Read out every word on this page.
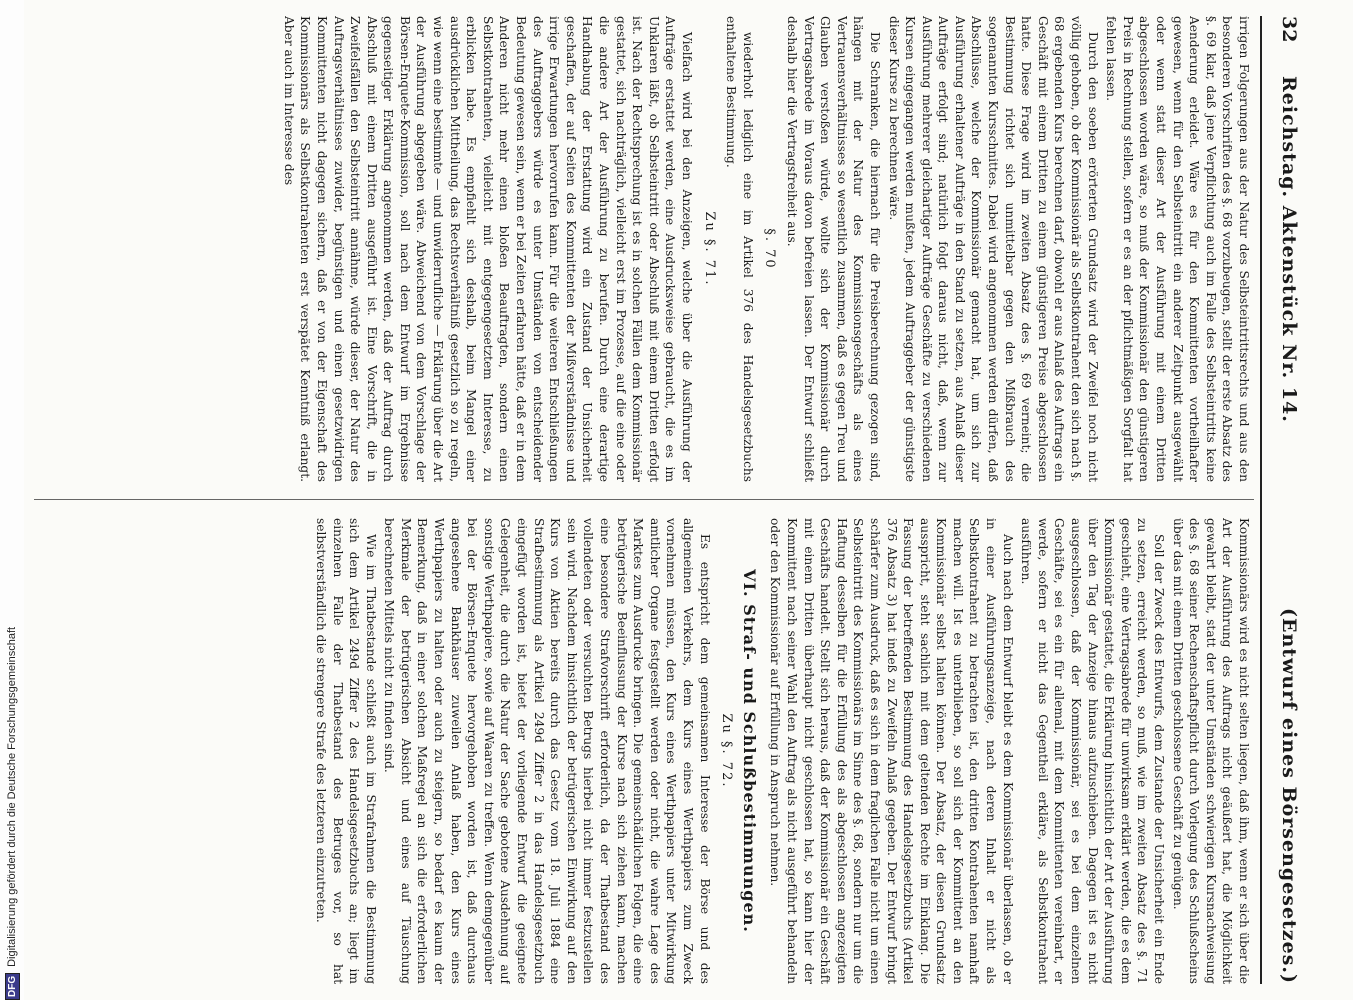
DFGDigitalisierung gefördert durch die Deutsche Forschungsgemeinschaft
32
Reichstag. Aktenstück Nr. 14.
(Entwurf eines Börsengesetzes.)

irrigen Folgerungen aus der Natur des Selbsteintrittsrechts und aus den besonderen Vorschriften des §. 68 vorzubeugen, stellt der erste Absatz des §. 69 klar, daß jene Verpflichtung auch im Falle des Selbsteintritts keine Aenderung erleidet. Wäre es für den Kommittenten vortheilhafter gewesen, wenn für den Selbsteintritt ein anderer Zeitpunkt ausgewählt oder wenn statt dieser Art der Ausführung mit einem Dritten abgeschlossen worden wäre, so muß der Kommissionär den günstigeren Preis in Rechnung stellen, sofern er es an der pflichtmäßigen Sorgfalt hat fehlen lassen.

Durch den soeben erörterten Grundsatz wird der Zweifel noch nicht völlig gehoben, ob der Kommissionär als Selbstkontrahent den sich nach §. 68 ergebenden Kurs berechnen darf, obwohl er aus Anlaß des Auftrags ein Geschäft mit einem Dritten zu einem günstigeren Preise abgeschlossen hatte. Diese Frage wird im zweiten Absatz des §. 69 verneint; die Bestimmung richtet sich unmittelbar gegen den Mißbrauch des sogenannten Kursschnittes. Dabei wird angenommen werden dürfen, daß Abschlüsse, welche der Kommissionär gemacht hat, um sich zur Ausführung erhaltener Aufträge in den Stand zu setzen, aus Anlaß dieser Aufträge erfolgt sind; natürlich folgt daraus nicht, daß, wenn zur Ausführung mehrerer gleichartiger Aufträge Geschäfte zu verschiedenen Kursen eingegangen werden mußten, jedem Auftraggeber der günstigste dieser Kurse zu berechnen wäre.

Die Schranken, die hiernach für die Preisberechnung gezogen sind, hängen mit der Natur des Kommissionsgeschäfts als eines Vertrauensverhältnisses so wesentlich zusammen, daß es gegen Treu und Glauben verstoßen würde, wollte sich der Kommissionär durch Vertragsabrede im Voraus davon befreien lassen. Der Entwurf schließt deshalb hier die Vertragsfreiheit aus.

§. 70

wiederholt lediglich eine im Artikel 376 des Handelsgesetzbuchs enthaltene Bestimmung.

Zu §. 71.

Vielfach wird bei den Anzeigen, welche über die Ausführung der Aufträge erstattet werden, eine Ausdrucksweise gebraucht, die es im Unklaren läßt, ob Selbsteintritt oder Abschluß mit einem Dritten erfolgt ist. Nach der Rechtsprechung ist es in solchen Fällen dem Kommissionär gestattet, sich nachträglich, vielleicht erst im Prozesse, auf die eine oder die andere Art der Ausführung zu berufen. Durch eine derartige Handhabung der Erstattung wird ein Zustand der Unsicherheit geschaffen, der auf Seiten des Kommittenten der Mißverständnisse und irrige Erwartungen hervorrufen kann. Für die weiteren Entschließungen des Auftraggebers würde es unter Umständen von entscheidender Bedeutung gewesen sein, wenn er bei Zeiten erfahren hätte, daß er in dem Anderen nicht mehr einen bloßen Beauftragten, sondern einen Selbstkontrahenten, vielleicht mit entgegengesetztem Interesse, zu erblicken habe. Es empfiehlt sich deshalb, beim Mangel einer ausdrücklichen Mittheilung, das Rechtsverhältniß gesetzlich so zu regeln, wie wenn eine bestimmte — und unwiderrufliche — Erklärung über die Art der Ausführung abgegeben wäre. Abweichend von dem Vorschlage der Börsen-Enquete-Kommission, soll nach dem Entwurf im Ergebnisse gegenseitiger Erklärung angenommen werden, daß der Auftrag durch Abschluß mit einem Dritten ausgeführt ist. Eine Vorschrift, die in Zweifelsfällen den Selbsteintritt annähme, würde dieser, der Natur des Auftragsverhältnisses zuwider, begünstigen und einen gesetzwidrigen Kommittenten nicht dagegen sichern, daß er von der Eigenschaft des Kommissionärs als Selbstkontrahenten erst verspätet Kenntniß erlangt. Aber auch im Interesse des

Kommissionärs wird es nicht selten liegen, daß ihm, wenn er sich über die Art der Ausführung des Auftrags nicht geäußert hat, die Möglichkeit gewahrt bleibt, statt der unter Umständen schwierigen Kursnachweisung des §. 68 seiner Rechenschaftspflicht durch Vorlegung des Schlußscheins über das mit einem Dritten geschlossene Geschäft zu genügen.

Soll der Zweck des Entwurfs, dem Zustande der Unsicherheit ein Ende zu setzen, erreicht werden, so muß, wie im zweiten Absatz des §. 71 geschieht, eine Vertragsabrede für unwirksam erklärt werden, die es dem Kommissionär gestattet, die Erklärung hinsichtlich der Art der Ausführung über den Tag der Anzeige hinaus aufzuschieben. Dagegen ist es nicht ausgeschlossen, daß der Kommissionär, sei es bei dem einzelnen Geschäfte, sei es ein für allemal, mit dem Kommittenten vereinbart, er werde, sofern er nicht das Gegentheil erkläre, als Selbstkontrahent ausführen.

Auch nach dem Entwurf bleibt es dem Kommissionär überlassen, ob er in einer Ausführungsanzeige, nach deren Inhalt er nicht als Selbstkontrahent zu betrachten ist, den dritten Kontrahenten namhaft machen will. Ist es unterblieben, so soll sich der Kommittent an den Kommissionär selbst halten können. Der Absatz, der diesen Grundsatz ausspricht, steht sachlich mit dem geltenden Rechte im Einklang. Die Fassung der betreffenden Bestimmung des Handelsgesetzbuchs (Artikel 376 Absatz 3) hat indeß zu Zweifeln Anlaß gegeben. Der Entwurf bringt schärfer zum Ausdruck, daß es sich in dem fraglichen Falle nicht um einen Selbsteintritt des Kommissionärs im Sinne des §. 68, sondern nur um die Haftung desselben für die Erfüllung des als abgeschlossen angezeigten Geschäfts handelt. Stellt sich heraus, daß der Kommissionär ein Geschäft mit einem Dritten überhaupt nicht geschlossen hat, so kann hier der Kommittent nach seiner Wahl den Auftrag als nicht ausgeführt behandeln oder den Kommissionär auf Erfüllung in Anspruch nehmen.

VI. Straf- und Schlußbestimmungen.
Zu §. 72.

Es entspricht dem gemeinsamen Interesse der Börse und des allgemeinen Verkehrs, dem Kurs eines Werthpapiers zum Zweck vornehmen müssen, den Kurs eines Werthpapiers unter Mitwirkung amtlicher Organe festgestellt werden oder nicht, die wahre Lage des Marktes zum Ausdrucke bringen. Die gemeinschädlichen Folgen, die eine betrügerische Beeinflussung der Kurse nach sich ziehen kann, machen eine besondere Strafvorschrift erforderlich, da der Thatbestand des vollendeten oder versuchten Betrugs hierbei nicht immer festzustellen sein wird. Nachdem hinsichtlich der betrügerischen Einwirkung auf den Kurs von Aktien bereits durch das Gesetz vom 18. Juli 1884 eine Strafbestimmung als Artikel 249d Ziffer 2 in das Handelsgesetzbuch eingefügt worden ist, bietet der vorliegende Entwurf die geeignete Gelegenheit, die durch die Natur der Sache gebotene Ausdehnung auf sonstige Werthpapiere, sowie auf Waaren zu treffen. Wenn demgegenüber bei der Börsen-Enquete hervorgehoben worden ist, daß durchaus angesehene Bankhäuser zuweilen Anlaß haben, den Kurs eines Werthpapiers zu halten oder auch zu steigern, so bedarf es kaum der Bemerkung, daß in einer solchen Maßregel an sich die erforderlichen Merkmale der betrügerischen Absicht und eines auf Täuschung berechneten Mittels nicht zu finden sind.

Wie im Thatbestande schließt auch im Strafrahmen die Bestimmung sich dem Artikel 249d Ziffer 2 des Handelsgesetzbuchs an; liegt im einzelnen Falle der Thatbestand des Betruges vor, so hat selbstverständlich die strengere Strafe des letzteren einzutreten.
